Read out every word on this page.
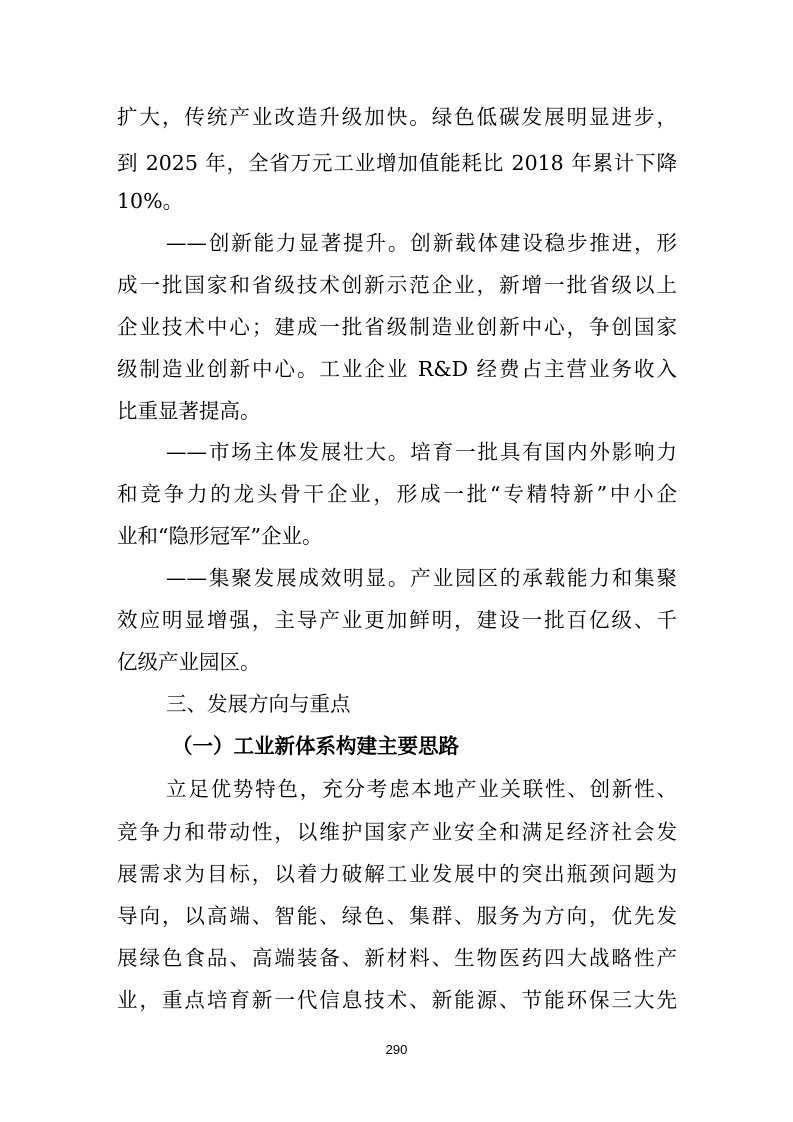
扩大，传统产业改造升级加快。绿色低碳发展明显进步，
到 2025 年，全省万元工业增加值能耗比 2018 年累计下降
10%。
——创新能力显著提升。创新载体建设稳步推进，形
成一批国家和省级技术创新示范企业，新增一批省级以上
企业技术中心；建成一批省级制造业创新中心，争创国家
级制造业创新中心。工业企业 R&D 经费占主营业务收入
比重显著提高。
——市场主体发展壮大。培育一批具有国内外影响力
和竞争力的龙头骨干企业，形成一批“专精特新”中小企
业和“隐形冠军”企业。
——集聚发展成效明显。产业园区的承载能力和集聚
效应明显增强，主导产业更加鲜明，建设一批百亿级、千
亿级产业园区。
三、发展方向与重点
（一）工业新体系构建主要思路
立足优势特色，充分考虑本地产业关联性、创新性、
竞争力和带动性，以维护国家产业安全和满足经济社会发
展需求为目标，以着力破解工业发展中的突出瓶颈问题为
导向，以高端、智能、绿色、集群、服务为方向，优先发
展绿色食品、高端装备、新材料、生物医药四大战略性产
业，重点培育新一代信息技术、新能源、节能环保三大先
290
